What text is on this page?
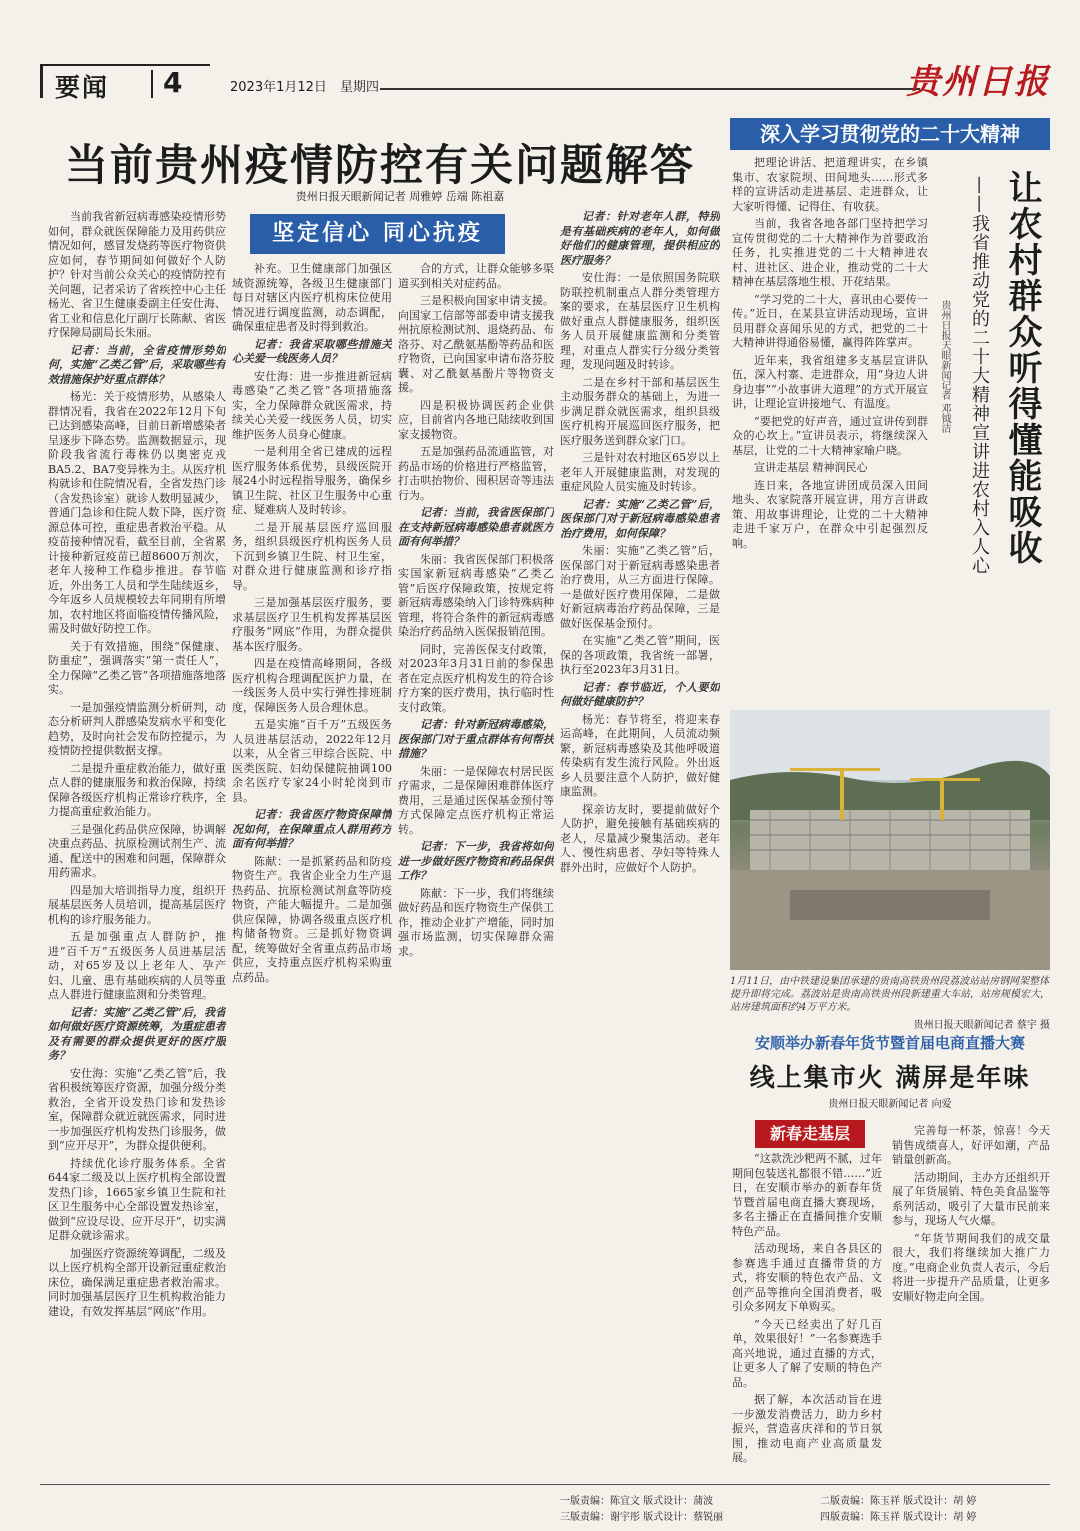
要闻 4	2023年1月12日 星期四	贵州日报
当前贵州疫情防控有关问题解答
贵州日报天眼新闻记者 周雅婷 岳端 陈祖嘉
坚定信心 同心抗疫

当前我省新冠病毒感染疫情形势如何，群众就医保障能力及用药供应情况如何，感冒发烧药等医疗物资供应如何，春节期间如何做好个人防护？针对当前公众关心的疫情防控有关问题，记者采访了省疾控中心主任杨光、省卫生健康委副主任安仕海、省工业和信息化厅副厅长陈献、省医疗保障局副局长朱丽。

记者：当前，全省疫情形势如何，实施“乙类乙管”后，采取哪些有效措施保护好重点群体？

杨光：关于疫情形势，从感染人群情况看，我省在2022年12月下旬已达到感染高峰，目前日新增感染者呈逐步下降态势。监测数据显示，现阶段我省流行毒株仍以奥密克戎BA5.2、BA7变异株为主。从医疗机构就诊和住院情况看，全省发热门诊（含发热诊室）就诊人数明显减少，普通门急诊和住院人数下降，医疗资源总体可控，重症患者救治平稳。从疫苗接种情况看，截至目前，全省累计接种新冠疫苗已超8600万剂次，老年人接种工作稳步推进。春节临近，外出务工人员和学生陆续返乡，今年返乡人员规模较去年同期有所增加，农村地区将面临疫情传播风险，需及时做好防控工作。

关于有效措施，围绕“保健康、防重症”，强调落实“第一责任人”，全力保障“乙类乙管”各项措施落地落实。

一是加强疫情监测分析研判，动态分析研判人群感染发病水平和变化趋势，及时向社会发布防控提示，为疫情防控提供数据支撑。

二是提升重症救治能力，做好重点人群的健康服务和救治保障，持续保障各级医疗机构正常诊疗秩序，全力提高重症救治能力。

三是强化药品供应保障，协调解决重点药品、抗原检测试剂生产、流通、配送中的困难和问题，保障群众用药需求。

四是加大培训指导力度，组织开展基层医务人员培训，提高基层医疗机构的诊疗服务能力。

五是加强重点人群防护，推进“百千万”五级医务人员进基层活动，对65岁及以上老年人、孕产妇、儿童、患有基础疾病的人员等重点人群进行健康监测和分类管理。

记者：实施“乙类乙管”后，我省如何做好医疗资源统筹，为重症患者及有需要的群众提供更好的医疗服务？

安仕海：实施“乙类乙管”后，我省积极统筹医疗资源，加强分级分类救治，全省开设发热门诊和发热诊室，保障群众就近就医需求，同时进一步加强医疗机构发热门诊服务，做到“应开尽开”，为群众提供便利。

持续优化诊疗服务体系。全省644家二级及以上医疗机构全部设置发热门诊，1665家乡镇卫生院和社区卫生服务中心全部设置发热诊室，做到“应设尽设、应开尽开”，切实满足群众就诊需求。

加强医疗资源统筹调配，二级及以上医疗机构全部开设新冠重症救治床位，确保满足重症患者救治需求。同时加强基层医疗卫生机构救治能力建设，有效发挥基层“网底”作用。

补充。卫生健康部门加强区域资源统筹，各级卫生健康部门每日对辖区内医疗机构床位使用情况进行调度监测，动态调配，确保重症患者及时得到救治。

记者：我省采取哪些措施关心关爱一线医务人员？

安仕海：进一步推进新冠病毒感染“乙类乙管”各项措施落实，全力保障群众就医需求，持续关心关爱一线医务人员，切实维护医务人员身心健康。

一是利用全省已建成的远程医疗服务体系优势，县级医院开展24小时远程指导服务，确保乡镇卫生院、社区卫生服务中心重症、疑难病人及时转诊。

二是开展基层医疗巡回服务，组织县级医疗机构医务人员下沉到乡镇卫生院、村卫生室，对群众进行健康监测和诊疗指导。

三是加强基层医疗服务，要求基层医疗卫生机构发挥基层医疗服务“网底”作用，为群众提供基本医疗服务。

四是在疫情高峰期间，各级医疗机构合理调配医护力量，在一线医务人员中实行弹性排班制度，保障医务人员合理休息。

五是实施“百千万”五级医务人员进基层活动，2022年12月以来，从全省三甲综合医院、中医类医院、妇幼保健院抽调100余名医疗专家24小时轮岗到市县。

记者：我省医疗物资保障情况如何，在保障重点人群用药方面有何举措？

陈献：一是抓紧药品和防疫物资生产。我省企业全力生产退热药品、抗原检测试剂盒等防疫物资，产能大幅提升。二是加强供应保障，协调各级重点医疗机构储备物资。三是抓好物资调配，统筹做好全省重点药品市场供应，支持重点医疗机构采购重点药品。

合的方式，让群众能够多渠道买到相关对症药品。

三是积极向国家申请支援。向国家工信部等部委申请支援我州抗原检测试剂、退烧药品、布洛芬、对乙酰氨基酚等药品和医疗物资，已向国家申请布洛芬胶囊、对乙酰氨基酚片等物资支援。

四是积极协调医药企业供应，目前省内各地已陆续收到国家支援物资。

五是加强药品流通监管，对药品市场的价格进行严格监管，打击哄抬物价、囤积居奇等违法行为。

记者：当前，我省医保部门在支持新冠病毒感染患者就医方面有何举措？

朱丽：我省医保部门积极落实国家新冠病毒感染“乙类乙管”后医疗保障政策，按规定将新冠病毒感染纳入门诊特殊病种管理，将符合条件的新冠病毒感染治疗药品纳入医保报销范围。

同时，完善医保支付政策，对2023年3月31日前的参保患者在定点医疗机构发生的符合诊疗方案的医疗费用，执行临时性支付政策。

记者：针对新冠病毒感染，医保部门对于重点群体有何帮扶措施？

朱丽：一是保障农村居民医疗需求，二是保障困难群体医疗费用，三是通过医保基金预付等方式保障定点医疗机构正常运转。

记者：下一步，我省将如何进一步做好医疗物资和药品保供工作？

陈献：下一步，我们将继续做好药品和医疗物资生产保供工作，推动企业扩产增能，同时加强市场监测，切实保障群众需求。

记者：针对老年人群，特别是有基础疾病的老年人，如何做好他们的健康管理，提供相应的医疗服务？

安仕海：一是依照国务院联防联控机制重点人群分类管理方案的要求，在基层医疗卫生机构做好重点人群健康服务，组织医务人员开展健康监测和分类管理，对重点人群实行分级分类管理，发现问题及时转诊。

二是在乡村干部和基层医生主动服务群众的基础上，为进一步满足群众就医需求，组织县级医疗机构开展巡回医疗服务，把医疗服务送到群众家门口。

三是针对农村地区65岁以上老年人开展健康监测，对发现的重症风险人员实施及时转诊。

记者：实施“乙类乙管”后，医保部门对于新冠病毒感染患者治疗费用，如何保障？

朱丽：实施“乙类乙管”后，医保部门对于新冠病毒感染患者治疗费用，从三方面进行保障。一是做好医疗费用保障，二是做好新冠病毒治疗药品保障，三是做好医保基金预付。

在实施“乙类乙管”期间，医保的各项政策，我省统一部署，执行至2023年3月31日。

记者：春节临近，个人要如何做好健康防护？

杨光：春节将至，将迎来春运高峰，在此期间，人员流动频繁，新冠病毒感染及其他呼吸道传染病有发生流行风险。外出返乡人员要注意个人防护，做好健康监测。

探亲访友时，要提前做好个人防护，避免接触有基础疾病的老人，尽量减少聚集活动。老年人、慢性病患者、孕妇等特殊人群外出时，应做好个人防护。

深入学习贯彻党的二十大精神
让农村群众听得懂能吸收
——我省推动党的二十大精神宣讲进农村入人心
贵州日报天眼新闻记者 邓钺洁

把理论讲活、把道理讲实，在乡镇集市、农家院坝、田间地头……形式多样的宣讲活动走进基层、走进群众，让大家听得懂、记得住、有收获。

当前，我省各地各部门坚持把学习宣传贯彻党的二十大精神作为首要政治任务，扎实推进党的二十大精神进农村、进社区、进企业，推动党的二十大精神在基层落地生根、开花结果。

“学习党的二十大，喜讯由心要传一传。”近日，在某县宣讲活动现场，宣讲员用群众喜闻乐见的方式，把党的二十大精神讲得通俗易懂，赢得阵阵掌声。

近年来，我省组建多支基层宣讲队伍，深入村寨、走进群众，用“身边人讲身边事”“小故事讲大道理”的方式开展宣讲，让理论宣讲接地气、有温度。

“要把党的好声音，通过宣讲传到群众的心坎上。”宣讲员表示，将继续深入基层，让党的二十大精神家喻户晓。

宣讲走基层 精神润民心

连日来，各地宣讲团成员深入田间地头、农家院落开展宣讲，用方言讲政策、用故事讲理论，让党的二十大精神走进千家万户，在群众中引起强烈反响。

1月11日，由中铁建设集团承建的贵南高铁贵州段荔波站站房钢网架整体提升即将完成。荔波站是贵南高铁贵州段新建重大车站，站房规模宏大，站房建筑面积约4万平方米。
贵州日报天眼新闻记者 蔡宇 摄
安顺举办新春年货节暨首届电商直播大赛
线上集市火 满屏是年味
贵州日报天眼新闻记者 向爱
新春走基层

“这款洗沙粑两不腻，过年期间包装送礼都很不错……”近日，在安顺市举办的新春年货节暨首届电商直播大赛现场，多名主播正在直播间推介安顺特色产品。

活动现场，来自各县区的参赛选手通过直播带货的方式，将安顺的特色农产品、文创产品等推向全国消费者，吸引众多网友下单购买。

“今天已经卖出了好几百单，效果很好！”一名参赛选手高兴地说，通过直播的方式，让更多人了解了安顺的特色产品。

据了解，本次活动旨在进一步激发消费活力，助力乡村振兴，营造喜庆祥和的节日氛围，推动电商产业高质量发展。

完善每一杯茶，惊喜！今天销售成绩喜人，好评如潮，产品销量创新高。

活动期间，主办方还组织开展了年货展销、特色美食品鉴等系列活动，吸引了大量市民前来参与，现场人气火爆。

“年货节期间我们的成交量很大，我们将继续加大推广力度。”电商企业负责人表示，今后将进一步提升产品质量，让更多安顺好物走向全国。

一版责编：陈宜文 版式设计：蒲波
三版责编：谢宇彤 版式设计：蔡锐丽
二版责编：陈玉祥 版式设计：胡 婷
四版责编：陈玉祥 版式设计：胡 婷
